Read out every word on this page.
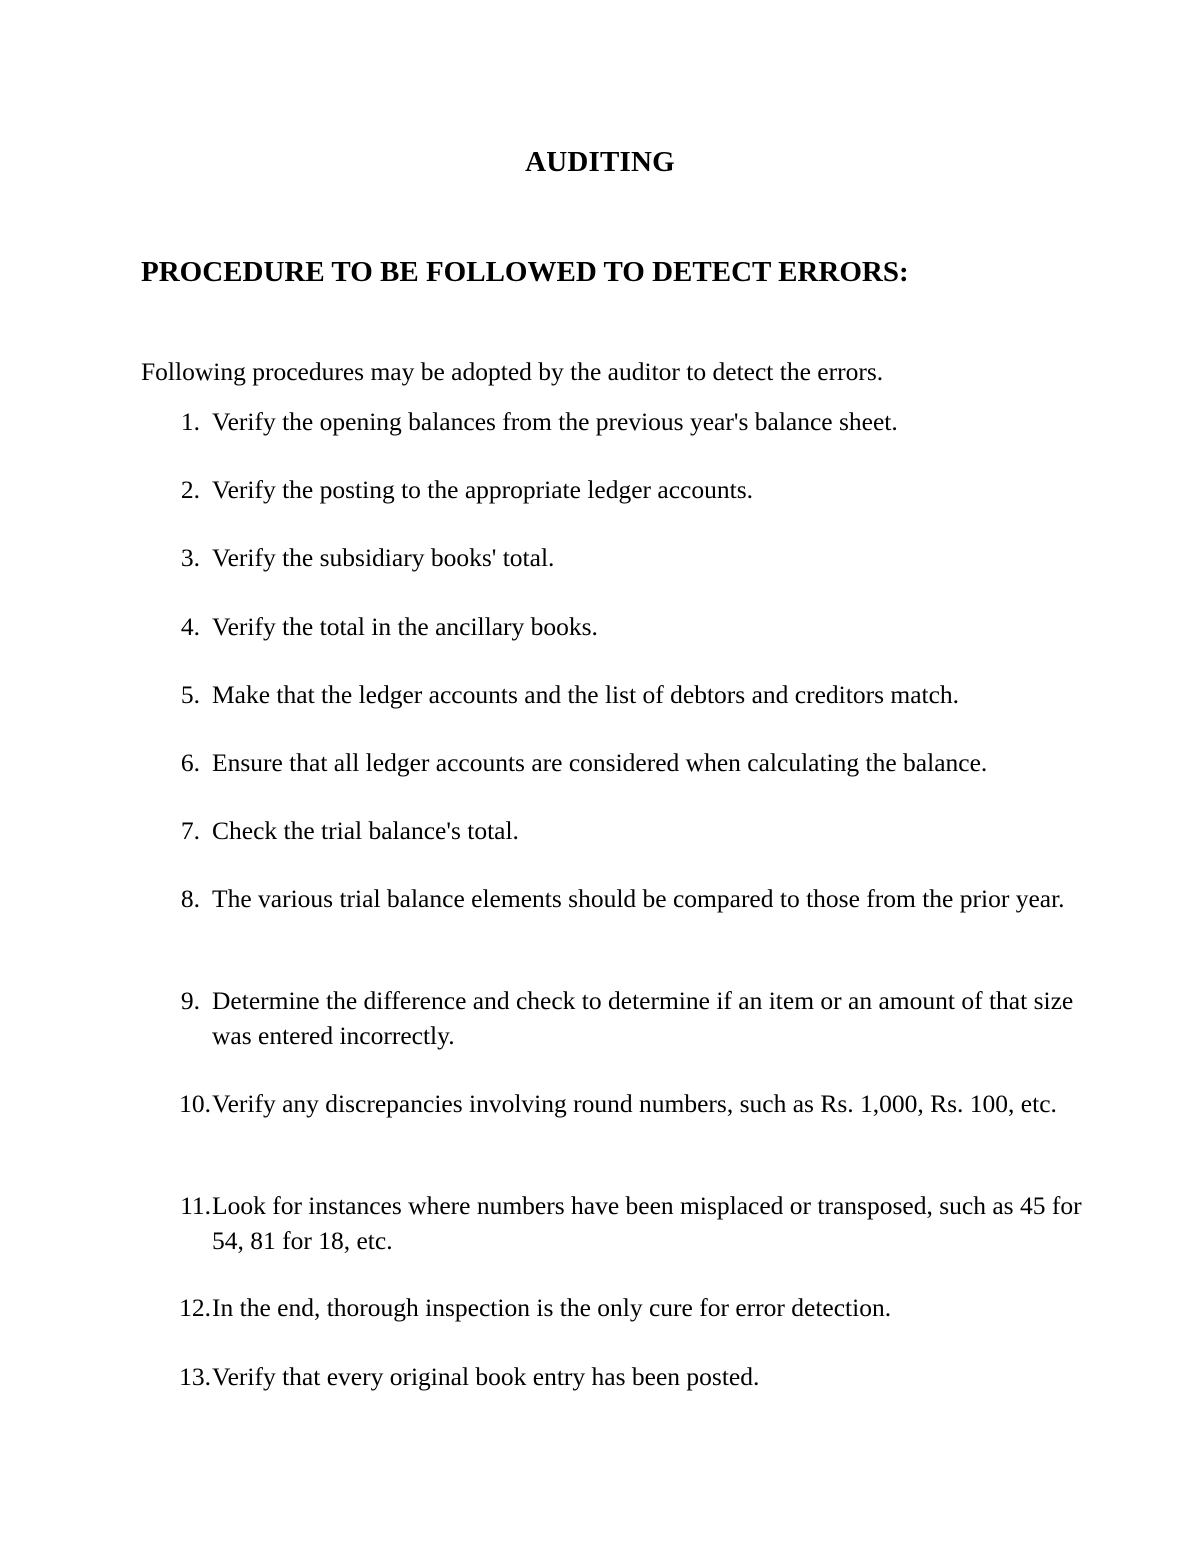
AUDITING
PROCEDURE TO BE FOLLOWED TO DETECT ERRORS:
Following procedures may be adopted by the auditor to detect the errors.
1. Verify the opening balances from the previous year's balance sheet.
2. Verify the posting to the appropriate ledger accounts.
3. Verify the subsidiary books' total.
4. Verify the total in the ancillary books.
5. Make that the ledger accounts and the list of debtors and creditors match.
6. Ensure that all ledger accounts are considered when calculating the balance.
7. Check the trial balance's total.
8. The various trial balance elements should be compared to those from the prior year.
9. Determine the difference and check to determine if an item or an amount of that size was entered incorrectly.
10. Verify any discrepancies involving round numbers, such as Rs. 1,000, Rs. 100, etc.
11. Look for instances where numbers have been misplaced or transposed, such as 45 for 54, 81 for 18, etc.
12. In the end, thorough inspection is the only cure for error detection.
13. Verify that every original book entry has been posted.
